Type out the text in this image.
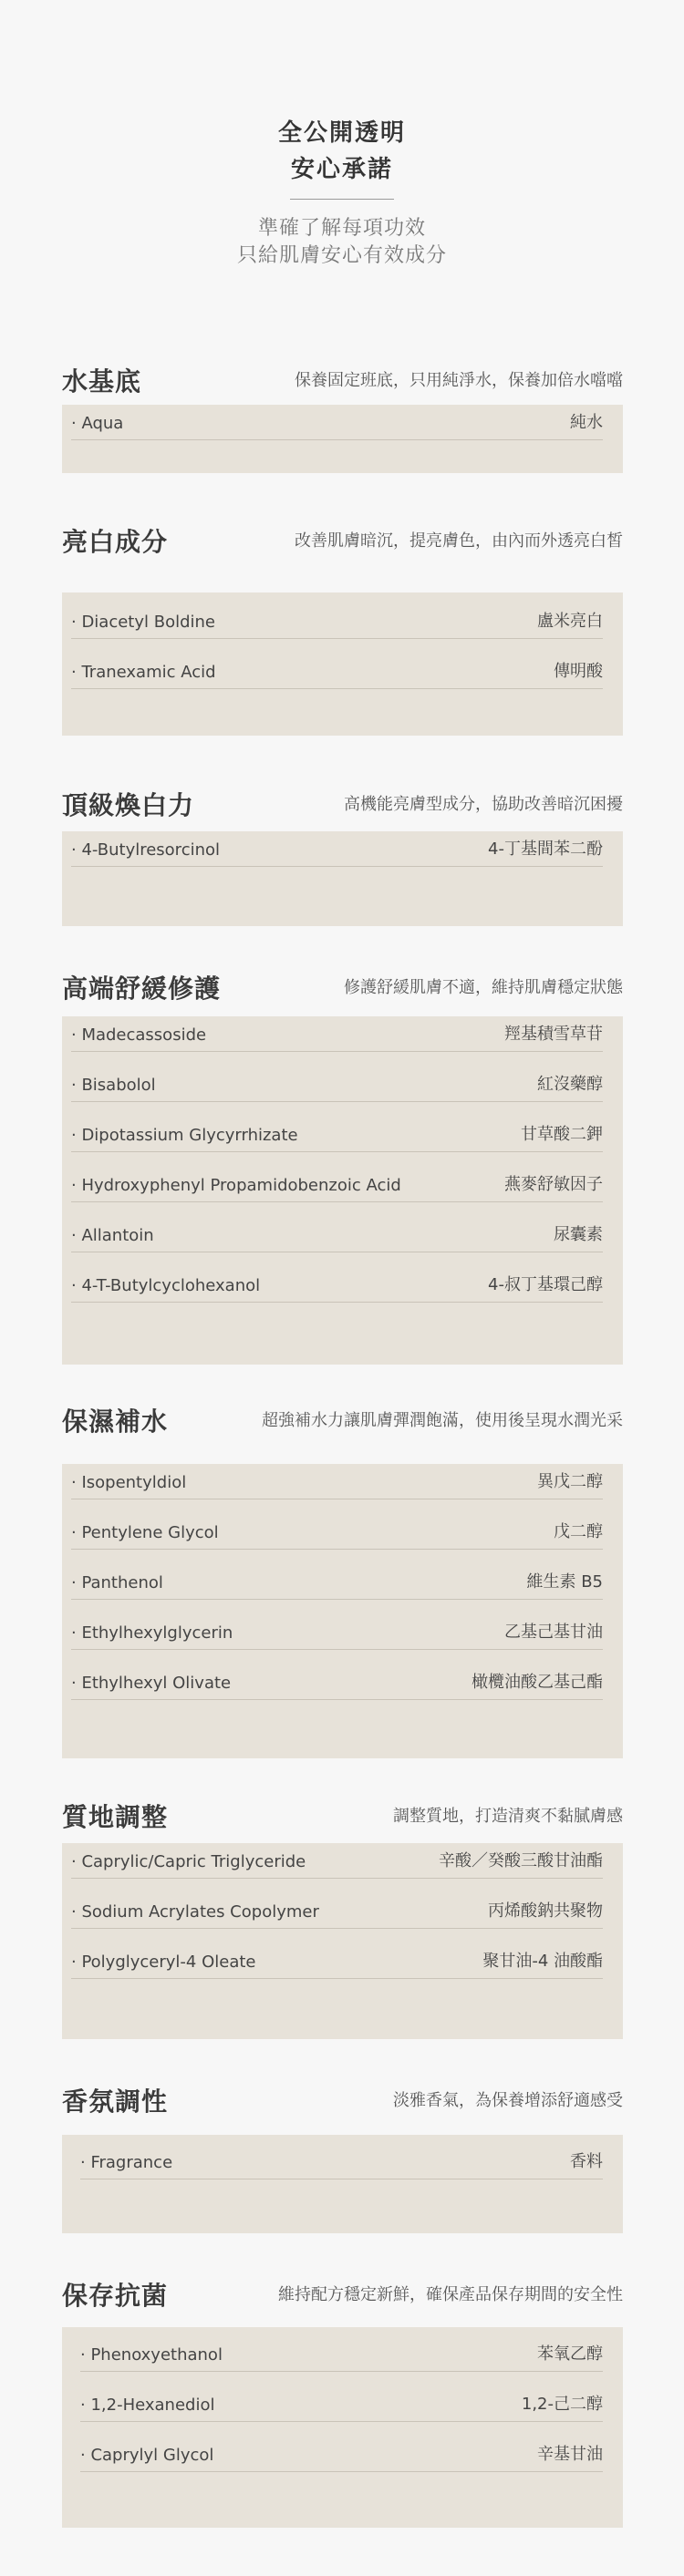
全公開透明
安心承諾
準確了解每項功效
只給肌膚安心有效成分
水基底	保養固定班底，只用純淨水，保養加倍水噹噹
· Aqua	純水
亮白成分	改善肌膚暗沉，提亮膚色，由內而外透亮白皙
· Diacetyl Boldine	盧米亮白
· Tranexamic Acid	傳明酸
頂級煥白力	高機能亮膚型成分，協助改善暗沉困擾
· 4-Butylresorcinol	4-丁基間苯二酚
高端舒緩修護	修護舒緩肌膚不適，維持肌膚穩定狀態
· Madecassoside	羥基積雪草苷
· Bisabolol	紅沒藥醇
· Dipotassium Glycyrrhizate	甘草酸二鉀
· Hydroxyphenyl Propamidobenzoic Acid	燕麥舒敏因子
· Allantoin	尿囊素
· 4-T-Butylcyclohexanol	4-叔丁基環己醇
保濕補水	超強補水力讓肌膚彈潤飽滿，使用後呈現水潤光采
· Isopentyldiol	異戊二醇
· Pentylene Glycol	戊二醇
· Panthenol	維生素 B5
· Ethylhexylglycerin	乙基己基甘油
· Ethylhexyl Olivate	橄欖油酸乙基己酯
質地調整	調整質地，打造清爽不黏膩膚感
· Caprylic/Capric Triglyceride	辛酸／癸酸三酸甘油酯
· Sodium Acrylates Copolymer	丙烯酸鈉共聚物
· Polyglyceryl-4 Oleate	聚甘油-4 油酸酯
香氛調性	淡雅香氣，為保養增添舒適感受
· Fragrance	香料
保存抗菌	維持配方穩定新鮮，確保產品保存期間的安全性
· Phenoxyethanol	苯氧乙醇
· 1,2-Hexanediol	1,2-己二醇
· Caprylyl Glycol	辛基甘油
